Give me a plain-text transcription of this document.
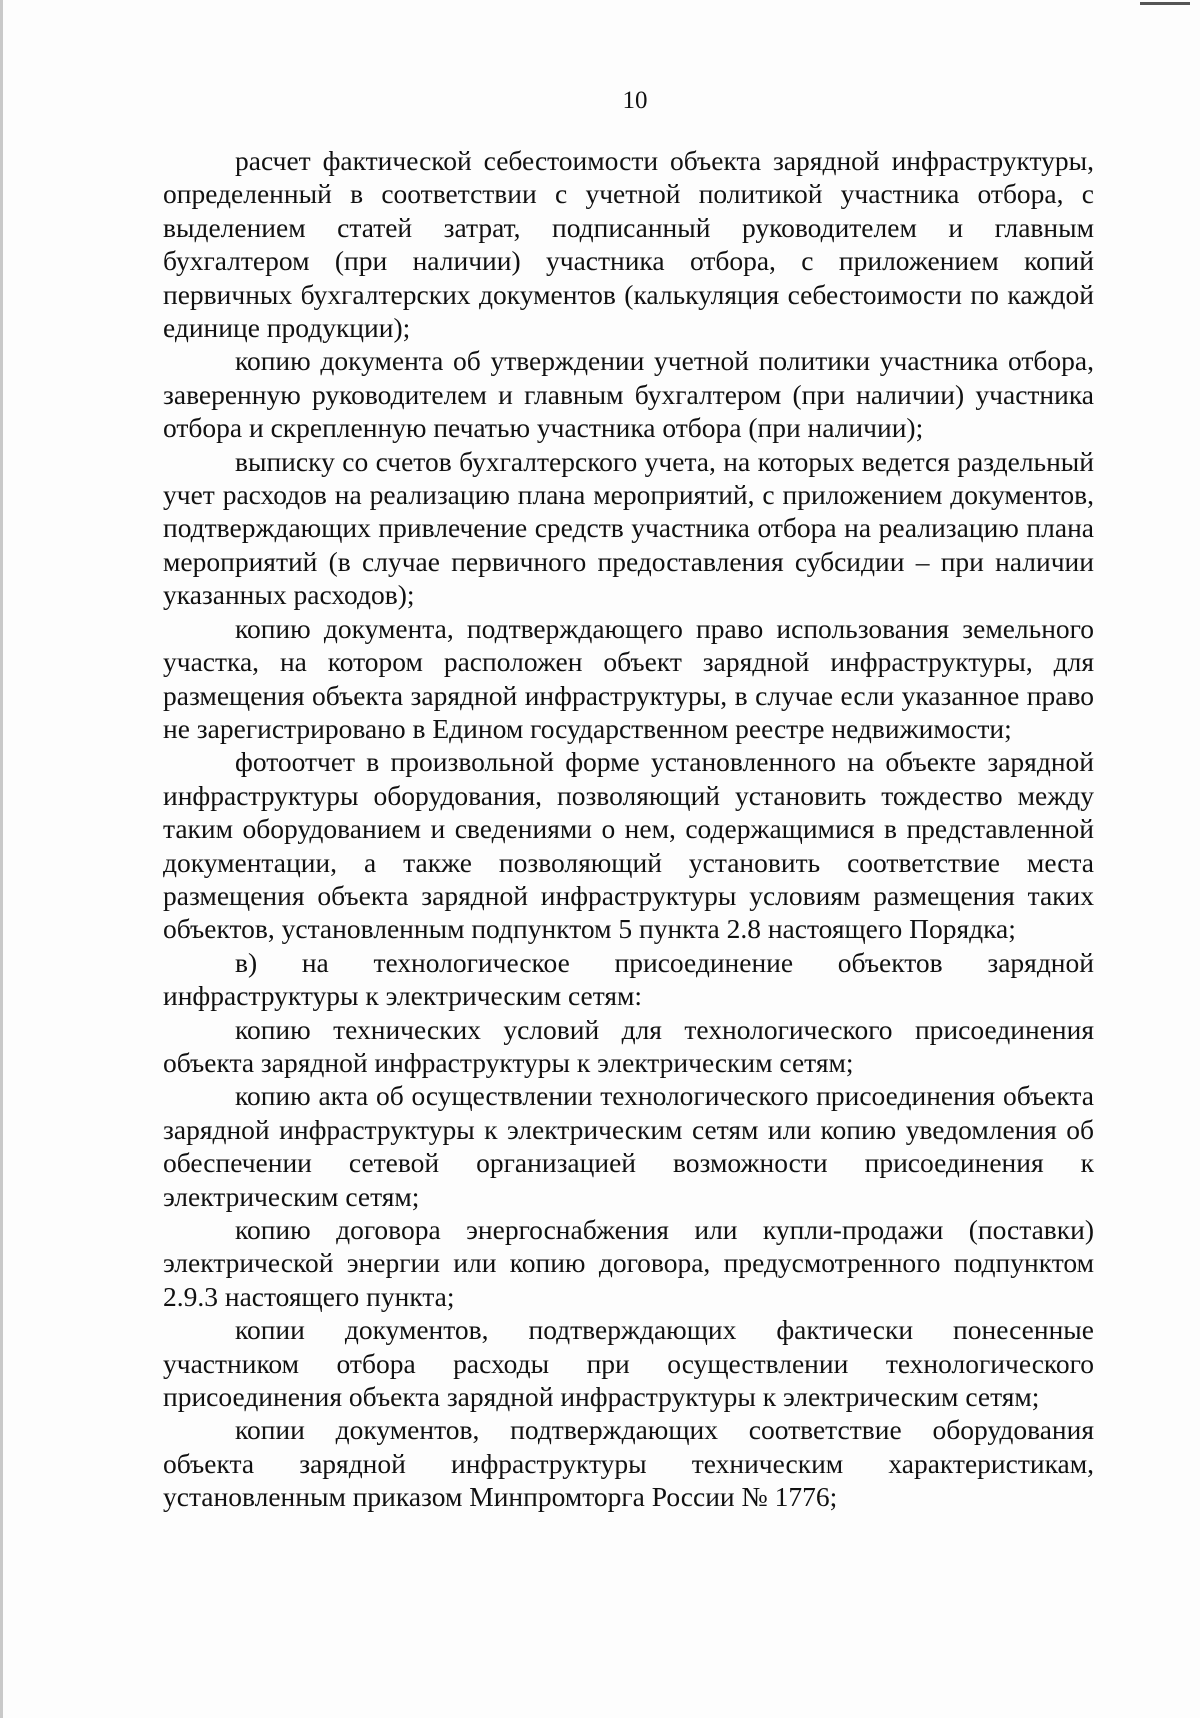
10

расчет фактической себестоимости объекта зарядной инфраструктуры, определенный в соответствии с учетной политикой участника отбора, с выделением статей затрат, подписанный руководителем и главным бухгалтером (при наличии) участника отбора, с приложением копий первичных бухгалтерских документов (калькуляция себестоимости по каждой единице продукции);

копию документа об утверждении учетной политики участника отбора, заверенную руководителем и главным бухгалтером (при наличии) участника отбора и скрепленную печатью участника отбора (при наличии);

выписку со счетов бухгалтерского учета, на которых ведется раздельный учет расходов на реализацию плана мероприятий, с приложением документов, подтверждающих привлечение средств участника отбора на реализацию плана мероприятий (в случае первичного предоставления субсидии – при наличии указанных расходов);

копию документа, подтверждающего право использования земельного участка, на котором расположен объект зарядной инфраструктуры, для размещения объекта зарядной инфраструктуры, в случае если указанное право не зарегистрировано в Едином государственном реестре недвижимости;

фотоотчет в произвольной форме установленного на объекте зарядной инфраструктуры оборудования, позволяющий установить тождество между таким оборудованием и сведениями о нем, содержащимися в представленной документации, а также позволяющий установить соответствие места размещения объекта зарядной инфраструктуры условиям размещения таких объектов, установленным подпунктом 5 пункта 2.8 настоящего Порядка;

в) на технологическое присоединение объектов зарядной инфраструктуры к электрическим сетям:

копию технических условий для технологического присоединения объекта зарядной инфраструктуры к электрическим сетям;

копию акта об осуществлении технологического присоединения объекта зарядной инфраструктуры к электрическим сетям или копию уведомления об обеспечении сетевой организацией возможности присоединения к электрическим сетям;

копию договора энергоснабжения или купли-продажи (поставки) электрической энергии или копию договора, предусмотренного подпунктом 2.9.3 настоящего пункта;

копии документов, подтверждающих фактически понесенные участником отбора расходы при осуществлении технологического присоединения объекта зарядной инфраструктуры к электрическим сетям;

копии документов, подтверждающих соответствие оборудования объекта зарядной инфраструктуры техническим характеристикам, установленным приказом Минпромторга России № 1776;
